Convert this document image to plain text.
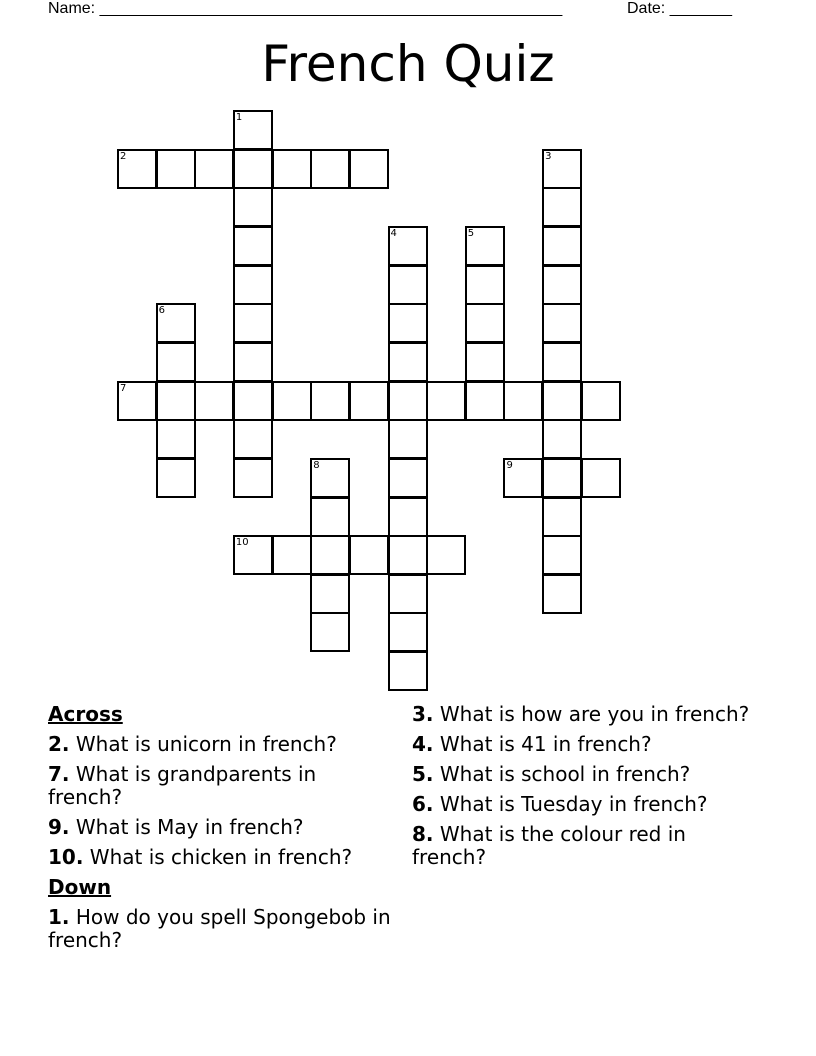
Name: ____________________________________________________	Date: _______
French Quiz
1
2	3
4	5
6
7
8	9
10
Across
2. What is unicorn in french?
7. What is grandparents in french?
9. What is May in french?
10. What is chicken in french?
Down
1. How do you spell Spongebob in french?
3. What is how are you in french?
4. What is 41 in french?
5. What is school in french?
6. What is Tuesday in french?
8. What is the colour red in french?
